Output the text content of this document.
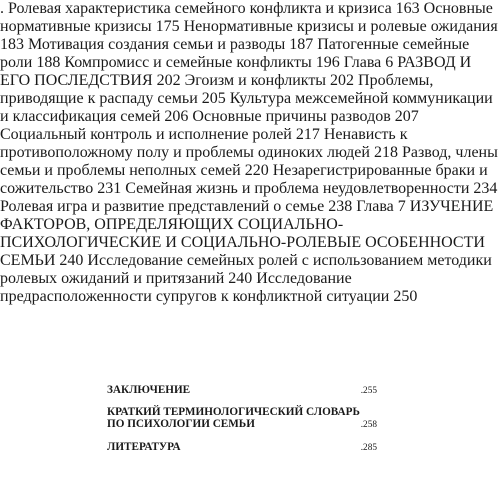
. Ролевая характеристика семейного конфликта и кризиса 163 Основные нормативные кризисы 175 Ненормативные кризисы и ролевые ожидания 183 Мотивация создания семьи и разводы 187 Патогенные семейные роли 188 Компромисс и семейные конфликты 196 Глава 6 РАЗВОД И ЕГО ПОСЛЕДСТВИЯ 202 Эгоизм и конфликты 202 Проблемы, приводящие к распаду семьи 205 Культура межсемейной коммуникации и классификация семей 206 Основные причины разводов 207 Социальный контроль и исполнение ролей 217 Ненависть к противоположному полу и проблемы одиноких людей 218 Развод, члены семьи и проблемы неполных семей 220 Незарегистрированные браки и сожительство 231 Семейная жизнь и проблема неудовлетворенности 234 Ролевая игра и развитие представлений о семье 238 Глава 7 ИЗУЧЕНИЕ ФАКТОРОВ, ОПРЕДЕЛЯЮЩИХ СОЦИАЛЬНО-ПСИХОЛОГИЧЕСКИЕ И СОЦИАЛЬНО-РОЛЕВЫЕ ОСОБЕННОСТИ СЕМЬИ 240 Исследование семейных ролей с использованием методики ролевых ожиданий и притязаний 240 Исследование предрасположенности супругов к конфликтной ситуации 250
ЗАКЛЮЧЕНИЕ	.255
КРАТКИЙ ТЕРМИНОЛОГИЧЕСКИЙ СЛОВАРЬ
ПО ПСИХОЛОГИИ СЕМЬИ	.258
ЛИТЕРАТУРА	.285
